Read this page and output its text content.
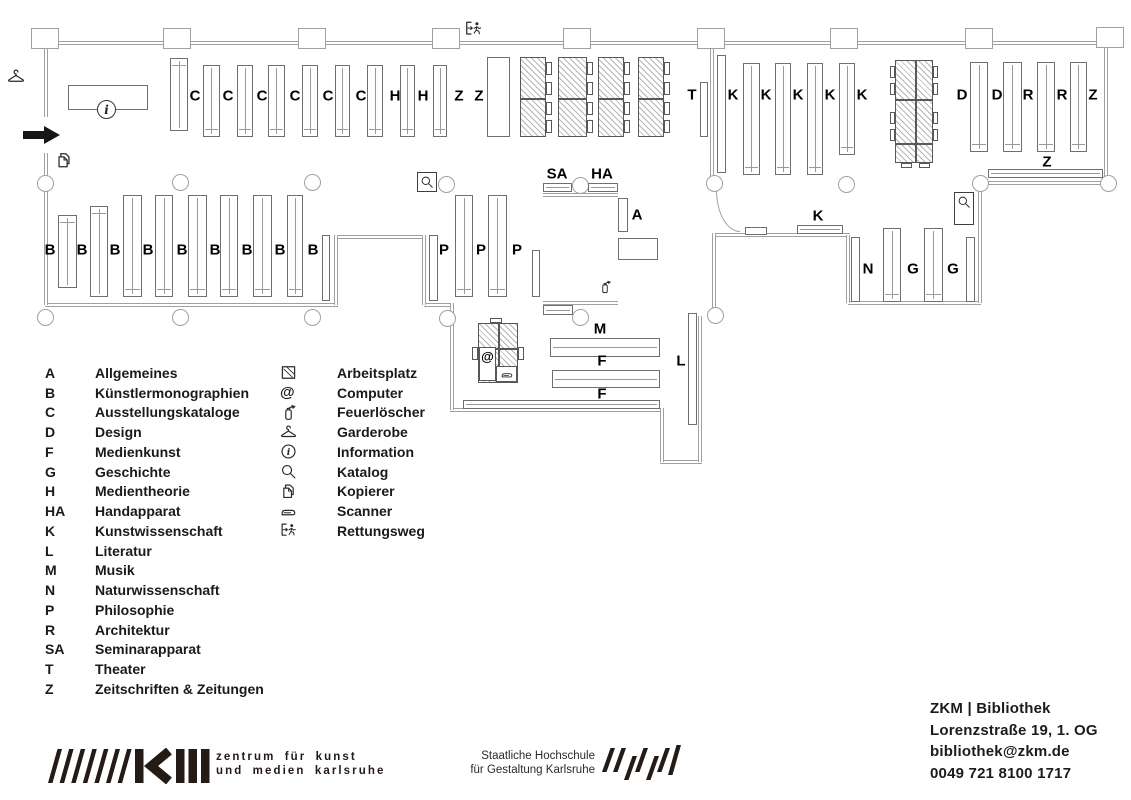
@
i
C C C C C C H H Z Z	T K K K K K	D D R R Z
Z
B B B B B B B B B	P P P
SA HA
A	K
N G G
M
F
F
L
A	Allgemeines
B	Künstlermonographien
C	Ausstellungskataloge
D	Design
F	Medienkunst
G	Geschichte
H	Medientheorie
HA	Handapparat
K	Kunstwissenschaft
L	Literatur
M	Musik
N	Naturwissenschaft
P	Philosophie
R	Architektur
SA	Seminarapparat
T	Theater
Z	Zeitschriften & Zeitungen
Arbeitsplatz
@	Computer
Feuerlöscher
Garderobe
i	Information
Katalog
Kopierer
Scanner
Rettungsweg
zentrum für kunst
und medien karlsruhe
Staatliche Hochschule
für Gestaltung Karlsruhe
ZKM | Bibliothek
Lorenzstraße 19, 1. OG
bibliothek@zkm.de
0049 721 8100 1717
